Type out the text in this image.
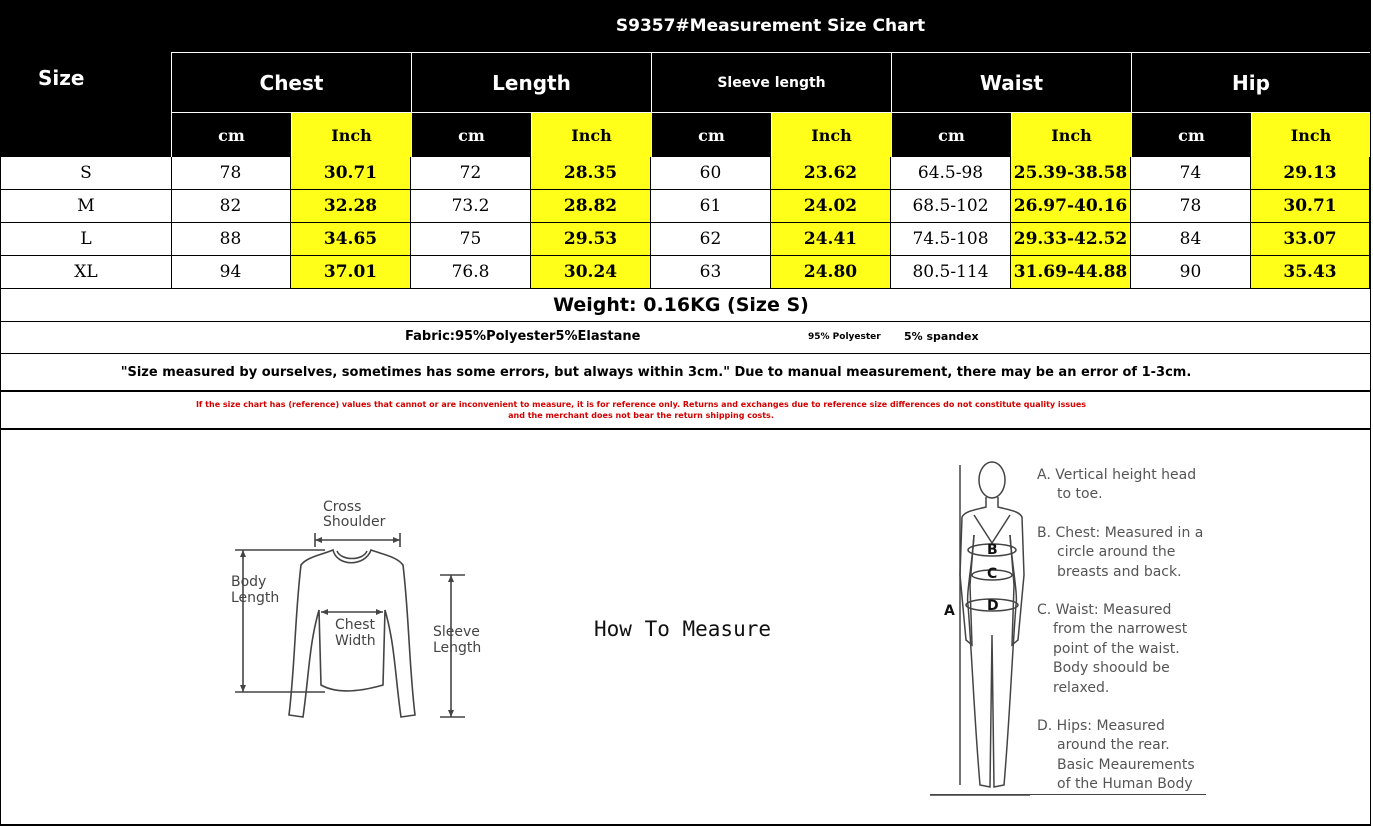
Size
S9357#Measurement Size Chart
Chest	Length	Sleeve length	Waist	Hip
cm	Inch	cm	Inch	cm	Inch	cm	Inch	cm	Inch
S	78	30.71	72	28.35	60	23.62	64.5-98	25.39-38.58	74	29.13
M	82	32.28	73.2	28.82	61	24.02	68.5-102	26.97-40.16	78	30.71
L	88	34.65	75	29.53	62	24.41	74.5-108	29.33-42.52	84	33.07
XL	94	37.01	76.8	30.24	63	24.80	80.5-114	31.69-44.88	90	35.43
Weight: 0.16KG (Size S)
Fabric:95%Polyester5%Elastane	95% Polyester 5% spandex
"Size measured by ourselves, sometimes has some errors, but always within 3cm." Due to manual measurement, there may be an error of 1-3cm.
If the size chart has (reference) values that cannot or are inconvenient to measure, it is for reference only. Returns and exchanges due to reference size differences do not constitute quality issues
and the merchant does not bear the return shipping costs.
How To Measure
Cross
Shoulder
Body
Length
Chest
Width
Sleeve
Length
A
B
C
D
A. Vertical height head
to toe.
B. Chest: Measured in a
circle around the
breasts and back.
C. Waist: Measured
from the narrowest
point of the waist.
Body shoould be
relaxed.
D. Hips: Measured
around the rear.
Basic Meaurements
of the Human Body
